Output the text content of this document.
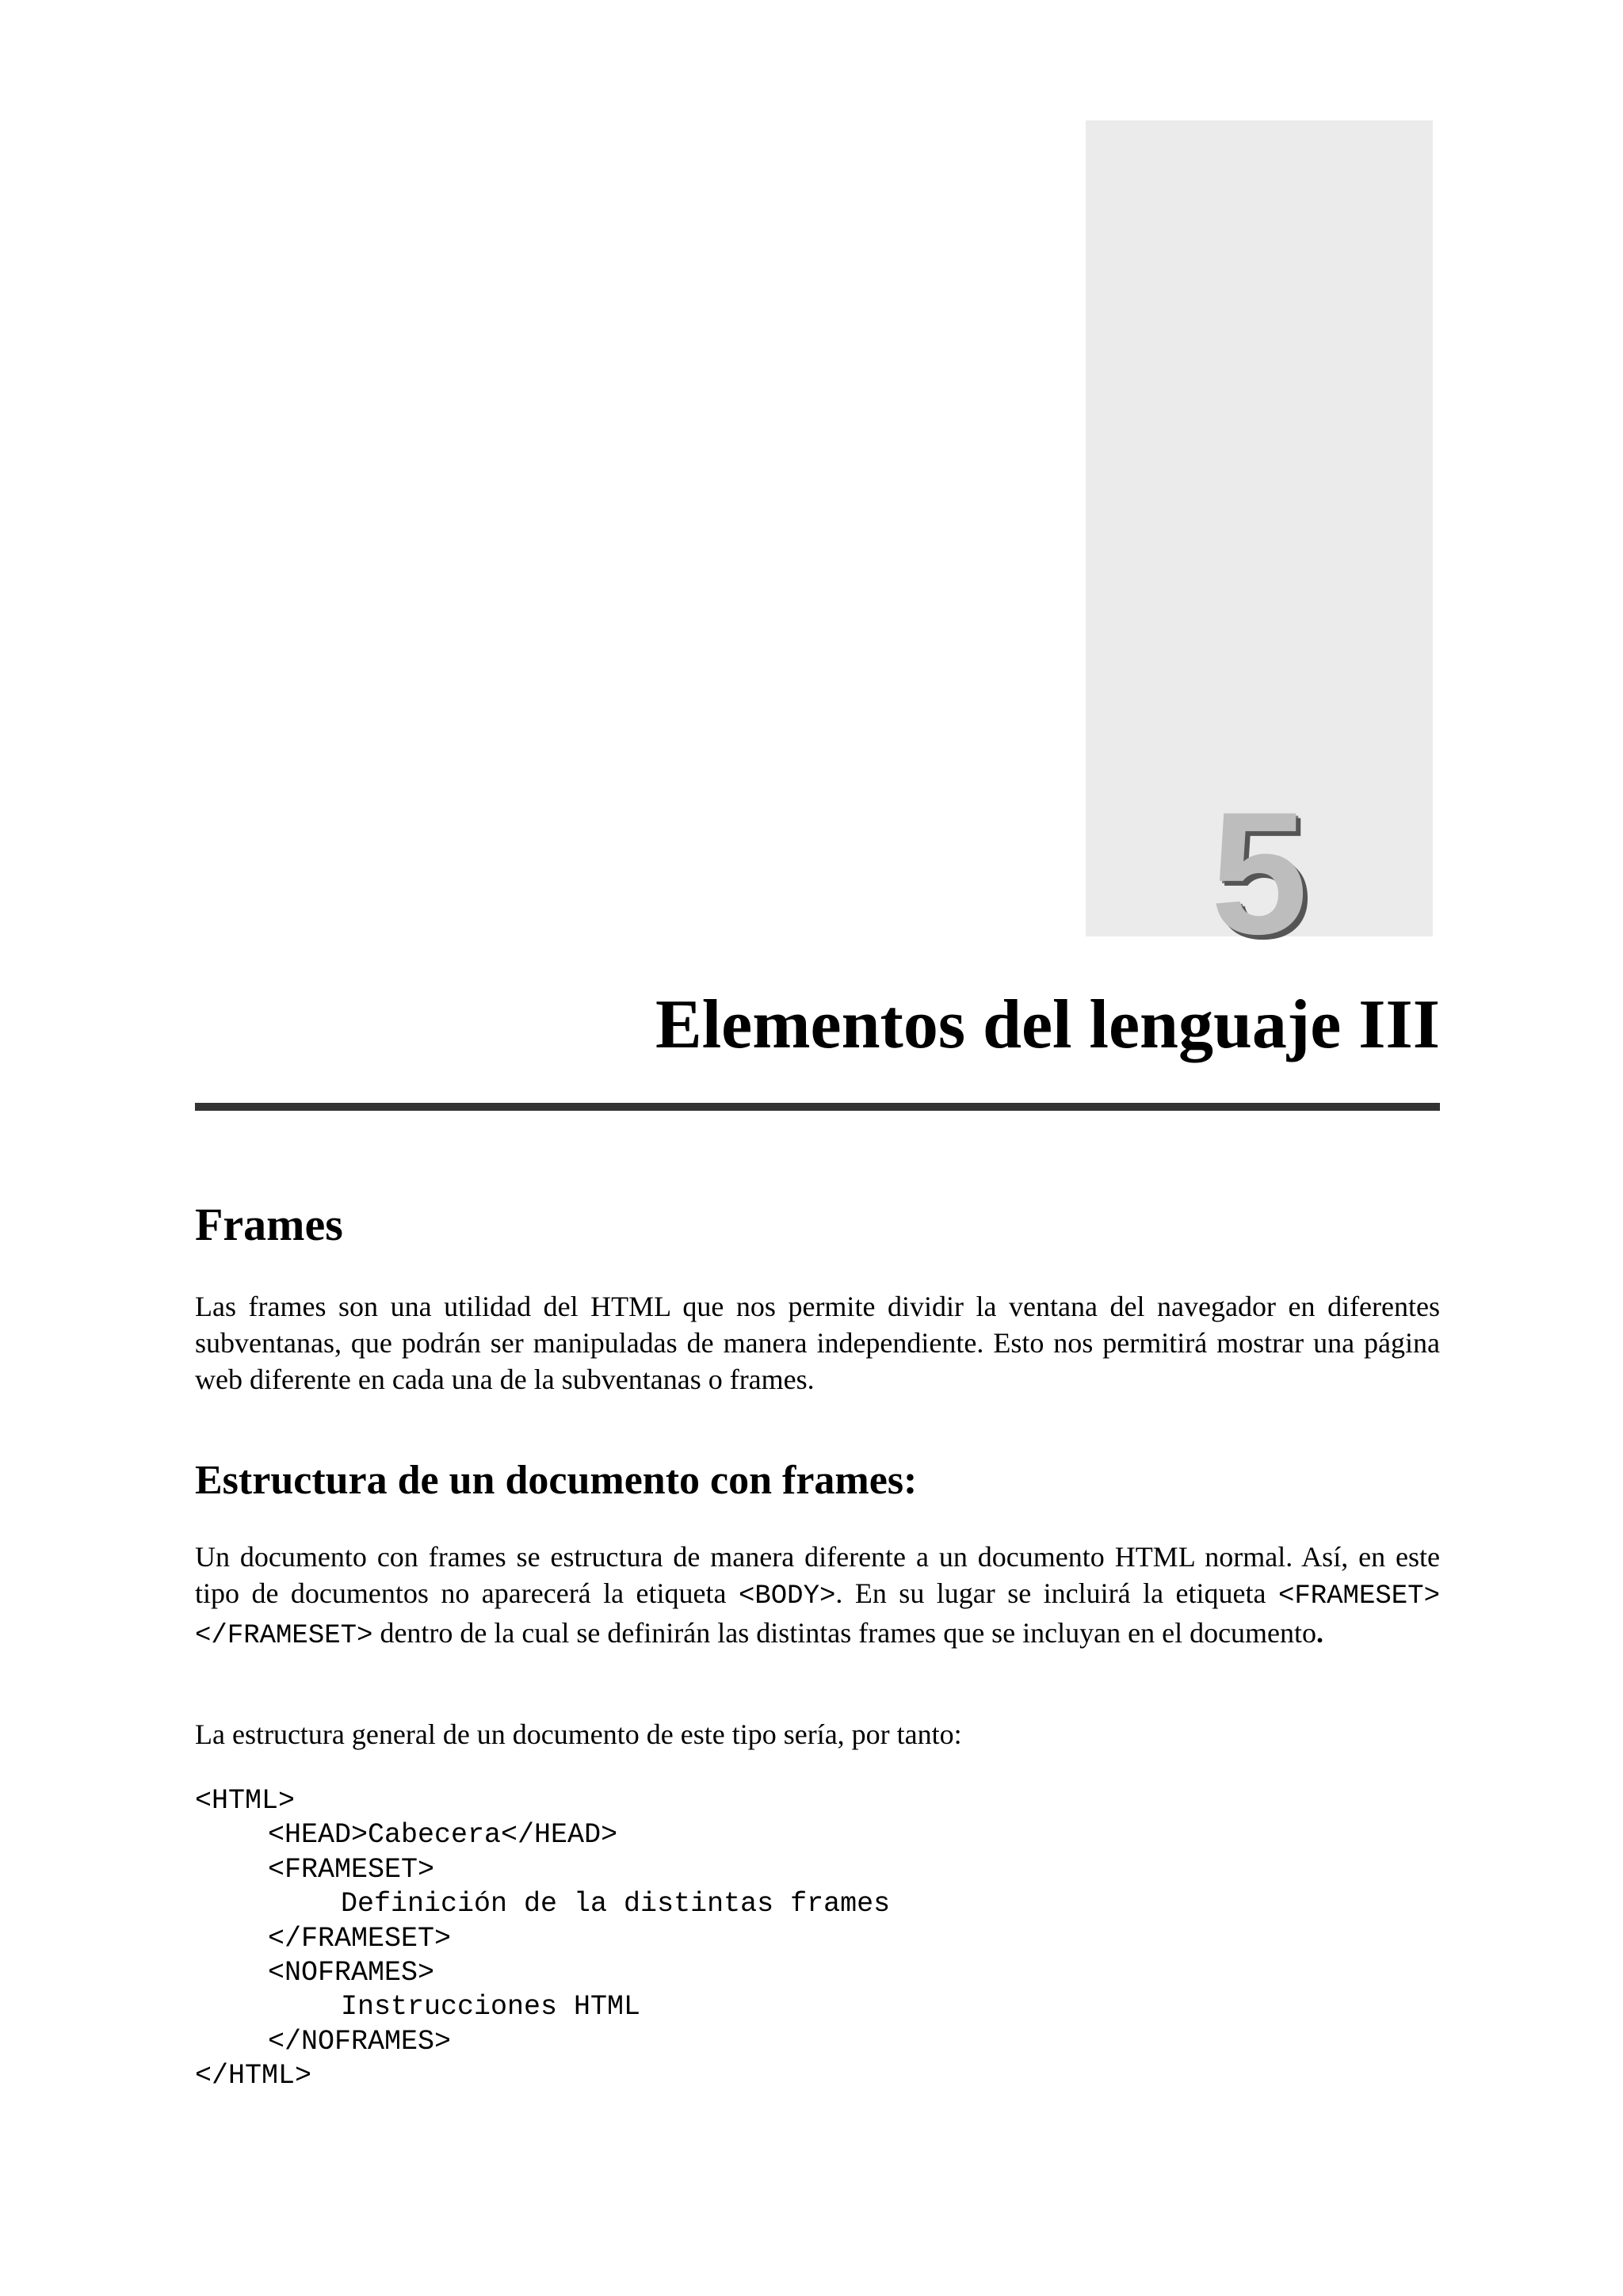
5
Elementos del lenguaje III
Frames

Las frames son una utilidad del HTML que nos permite dividir la ventana del navegador en diferentes subventanas, que podrán ser manipuladas de manera independiente. Esto nos permitirá mostrar una página web diferente en cada una de la subventanas o frames.

Estructura de un documento con frames:

Un documento con frames se estructura de manera diferente a un documento HTML normal. Así, en este tipo de documentos no aparecerá la etiqueta <BODY>. En su lugar se incluirá la etiqueta <FRAMESET> </FRAMESET> dentro de la cual se definirán las distintas frames que se incluyan en el documento.

La estructura general de un documento de este tipo sería, por tanto:

<HTML>
<HEAD>Cabecera</HEAD>
<FRAMESET>
Definición de la distintas frames
</FRAMESET>
<NOFRAMES>
Instrucciones HTML
</NOFRAMES>
</HTML>
